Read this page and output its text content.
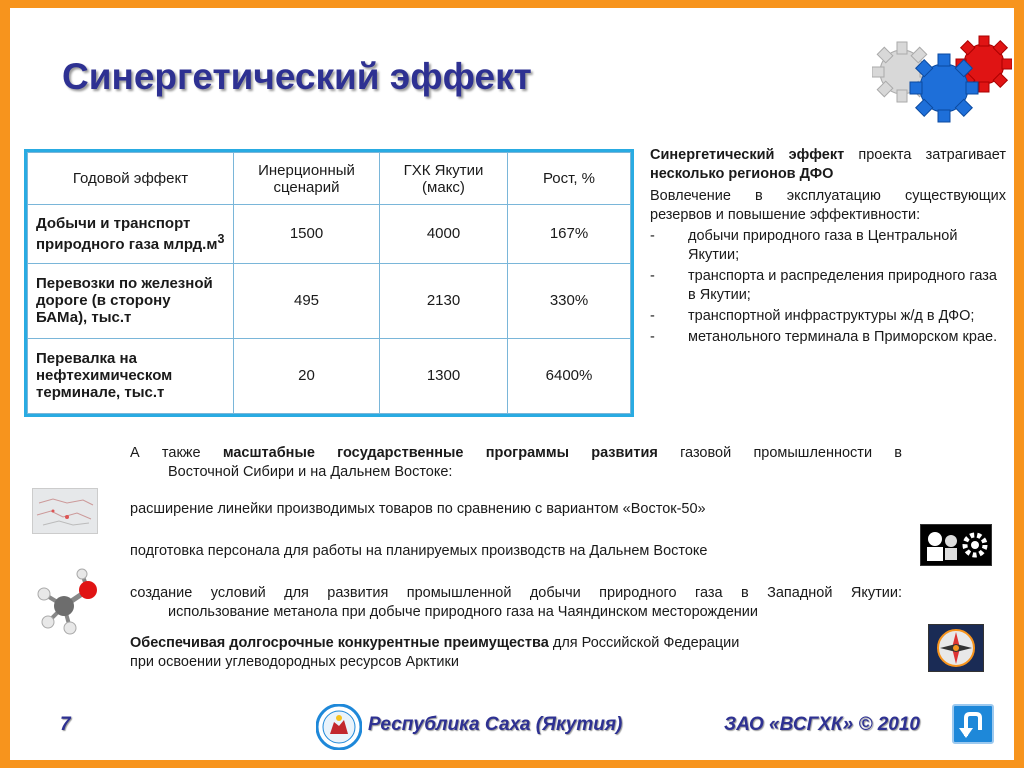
Синергетический эффект
Годовой эффект	Инерционный сценарий	ГХК Якутии (макс)	Рост, %
Добычи и транспорт природного газа $млрд.м^3$	1500	4000	167%
Перевозки по железной дороге (в сторону БАМа), тыс.т	495	2130	330%
Перевалка на нефтехимическом терминале, тыс.т	20	1300	6400%
Синергетический эффект проекта затрагивает несколько регионов ДФО
Вовлечение в эксплуатацию существующих резервов и повышение эффективности:
-	добычи природного газа в Центральной Якутии;
-	транспорта и распределения природного газа в Якутии;
-	транспортной инфраструктуры ж/д в ДФО;
-	метанольного терминала в Приморском крае.
А также масштабные государственные программы развития газовой промышленности в
Восточной Сибири и на Дальнем Востоке:
расширение линейки производимых товаров по сравнению с вариантом «Восток-50»
подготовка персонала для работы на планируемых производств на Дальнем Востоке
создание условий для развития промышленной добычи природного газа в Западной Якутии:
использование метанола при добыче природного газа на Чаяндинском месторождении
Обеспечивая долгосрочные конкурентные преимущества для Российской Федерации
при освоении углеводородных ресурсов Арктики
7	Республика Саха (Якутия)	ЗАО «ВСГХК» © 2010
